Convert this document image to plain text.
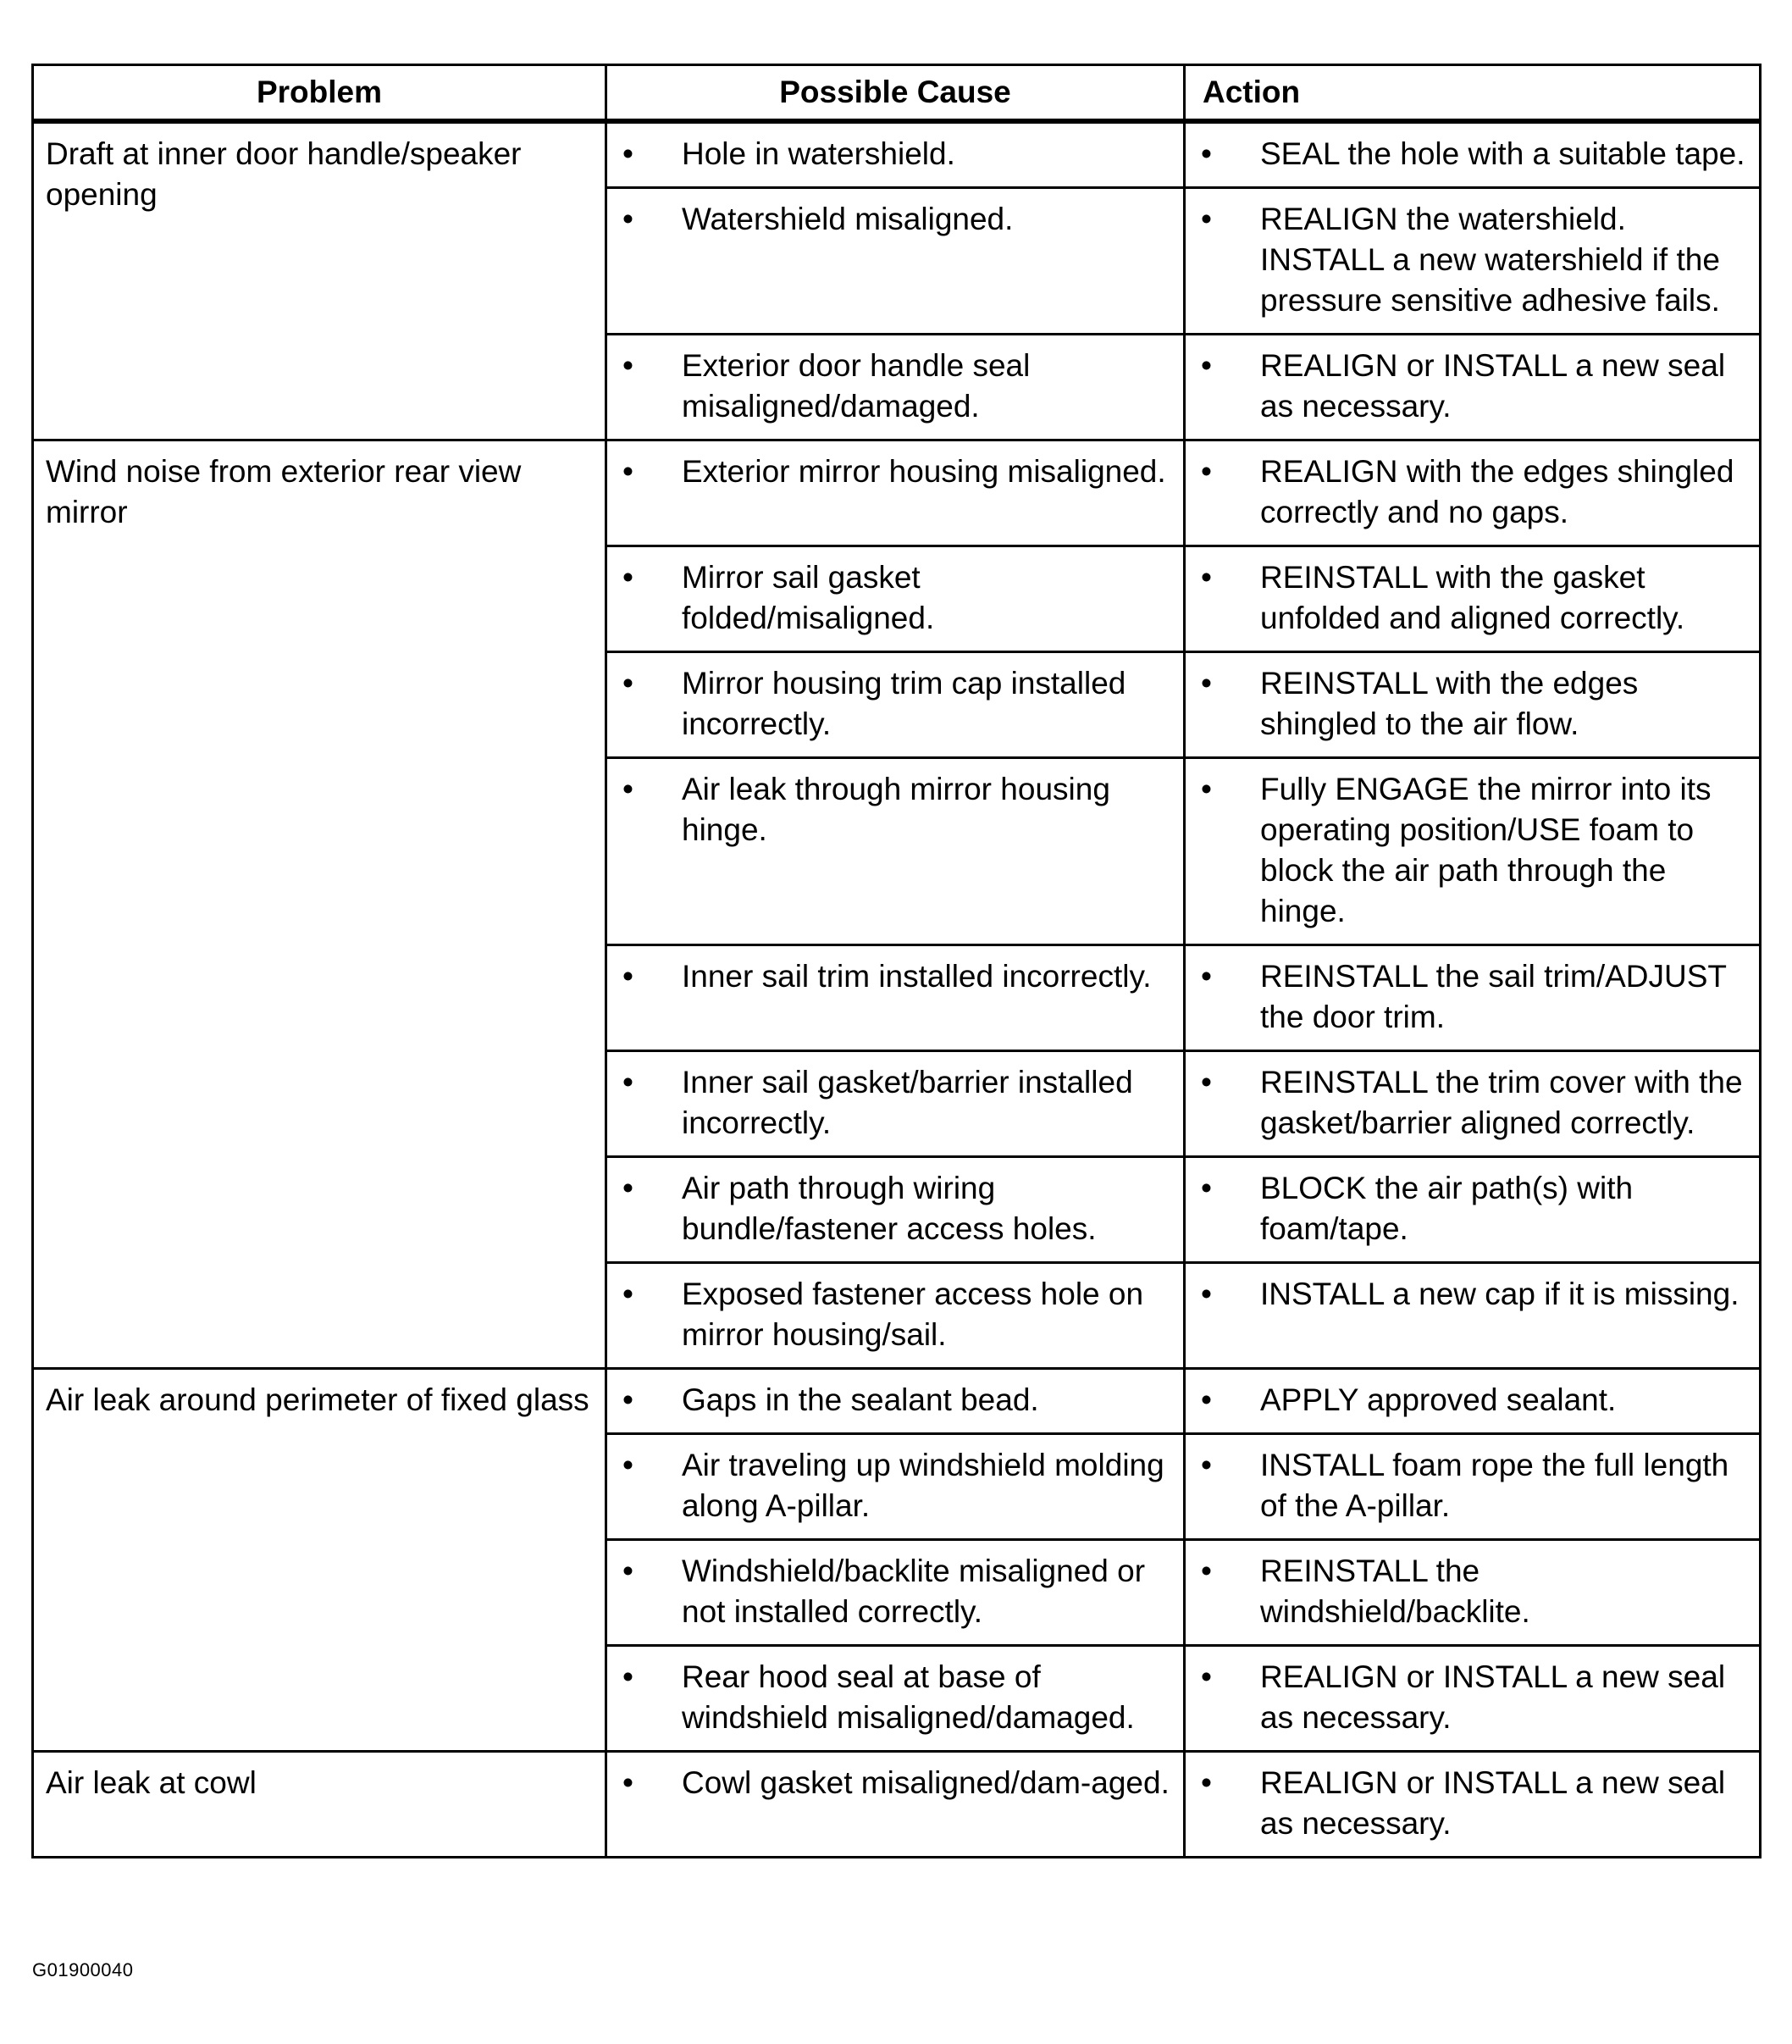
Problem	Possible Cause	Action
Draft at inner door handle/speaker opening	• Hole in watershield.	• SEAL the hole with a suitable tape.

	• Watershield misaligned.	• REALIGN the watershield. INSTALL a new watershield if the pressure sensitive adhesive fails.

	• Exterior door handle seal misaligned/damaged.	• REALIGN or INSTALL a new seal as necessary.

Wind noise from exterior rear view mirror	• Exterior mirror housing misaligned.	• REALIGN with the edges shingled correctly and no gaps.

	• Mirror sail gasket folded/misaligned.	• REINSTALL with the gasket unfolded and aligned correctly.

	• Mirror housing trim cap installed incorrectly.	• REINSTALL with the edges shingled to the air flow.

	• Air leak through mirror housing hinge.	• Fully ENGAGE the mirror into its operating position/USE foam to block the air path through the hinge.

	• Inner sail trim installed incorrectly.	• REINSTALL the sail trim/ADJUST the door trim.

	• Inner sail gasket/barrier installed incorrectly.	• REINSTALL the trim cover with the gasket/barrier aligned correctly.

	• Air path through wiring bundle/fastener access holes.	• BLOCK the air path(s) with foam/tape.

	• Exposed fastener access hole on mirror housing/sail.	• INSTALL a new cap if it is missing.

Air leak around perimeter of fixed glass	• Gaps in the sealant bead.	• APPLY approved sealant.

	• Air traveling up windshield molding along A-pillar.	• INSTALL foam rope the full length of the A-pillar.

	• Windshield/backlite misaligned or not installed correctly.	• REINSTALL the windshield/backlite.

	• Rear hood seal at base of windshield misaligned/damaged.	• REALIGN or INSTALL a new seal as necessary.

Air leak at cowl	• Cowl gasket misaligned/dam-aged.	• REALIGN or INSTALL a new seal as necessary.
G01900040
